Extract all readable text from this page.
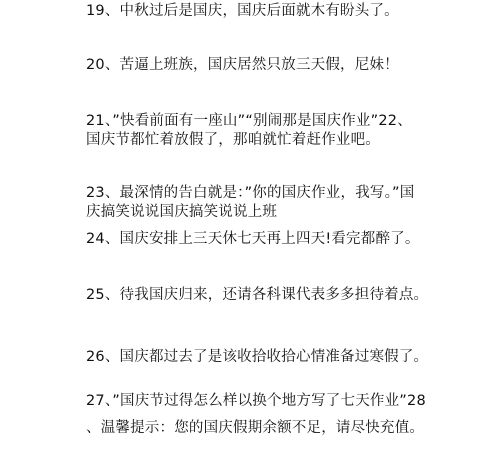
19、中秋过后是国庆，国庆后面就木有盼头了。
20、苦逼上班族，国庆居然只放三天假，尼妹！
21、”快看前面有一座山”“别闹那是国庆作业”22、
国庆节都忙着放假了，那咱就忙着赶作业吧。
23、最深情的告白就是：”你的国庆作业，我写。”国
庆搞笑说说国庆搞笑说说上班
24、国庆安排上三天休七天再上四天!看完都醉了。
25、待我国庆归来，还请各科课代表多多担待着点。
26、国庆都过去了是该收拾收拾心情准备过寒假了。
27、”国庆节过得怎么样以换个地方写了七天作业”28
、温馨提示：您的国庆假期余额不足，请尽快充值。
